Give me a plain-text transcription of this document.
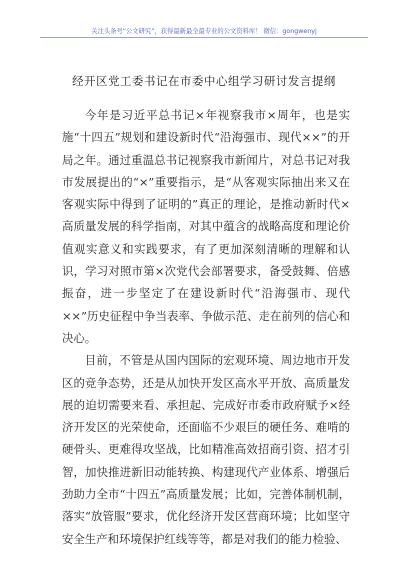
关注头条号“公文研究”，获得最新最全最专业的公文资料库！ 微信：gongwenyj
经开区党工委书记在市委中心组学习研讨发言提纲

今年是习近平总书记×年视察我市×周年，也是实施“十四五”规划和建设新时代“沿海强市、现代××”的开局之年。通过重温总书记视察我市新闻片，对总书记对我市发展提出的“×”重要指示，是“从客观实际抽出来又在客观实际中得到了证明的”真正的理论，是推动新时代×高质量发展的科学指南，对其中蕴含的战略高度和理论价值观实意义和实践要求，有了更加深刻清晰的理解和认识，学习对照市第×次党代会部署要求，备受鼓舞、倍感振奋，进一步坚定了在建设新时代“沿海强市、现代××”历史征程中争当表率、争做示范、走在前列的信心和决心。

目前，不管是从国内国际的宏观环境、周边地市开发区的竞争态势，还是从加快开发区高水平开放、高质量发展的迫切需要来看、承担起、完成好市委市政府赋予×经济开发区的光荣使命，还面临不少艰巨的硬任务、难啃的硬骨头、更难得攻坚战，比如精准高效招商引资、招才引智，加快推进新旧动能转换、构建现代产业体系、增强后劲助力全市“十四五”高质量发展；比如，完善体制机制，落实“放管服”要求，优化经济开发区营商环境；比如坚守安全生产和环境保护红线等等，都是对我们的能力检验、
